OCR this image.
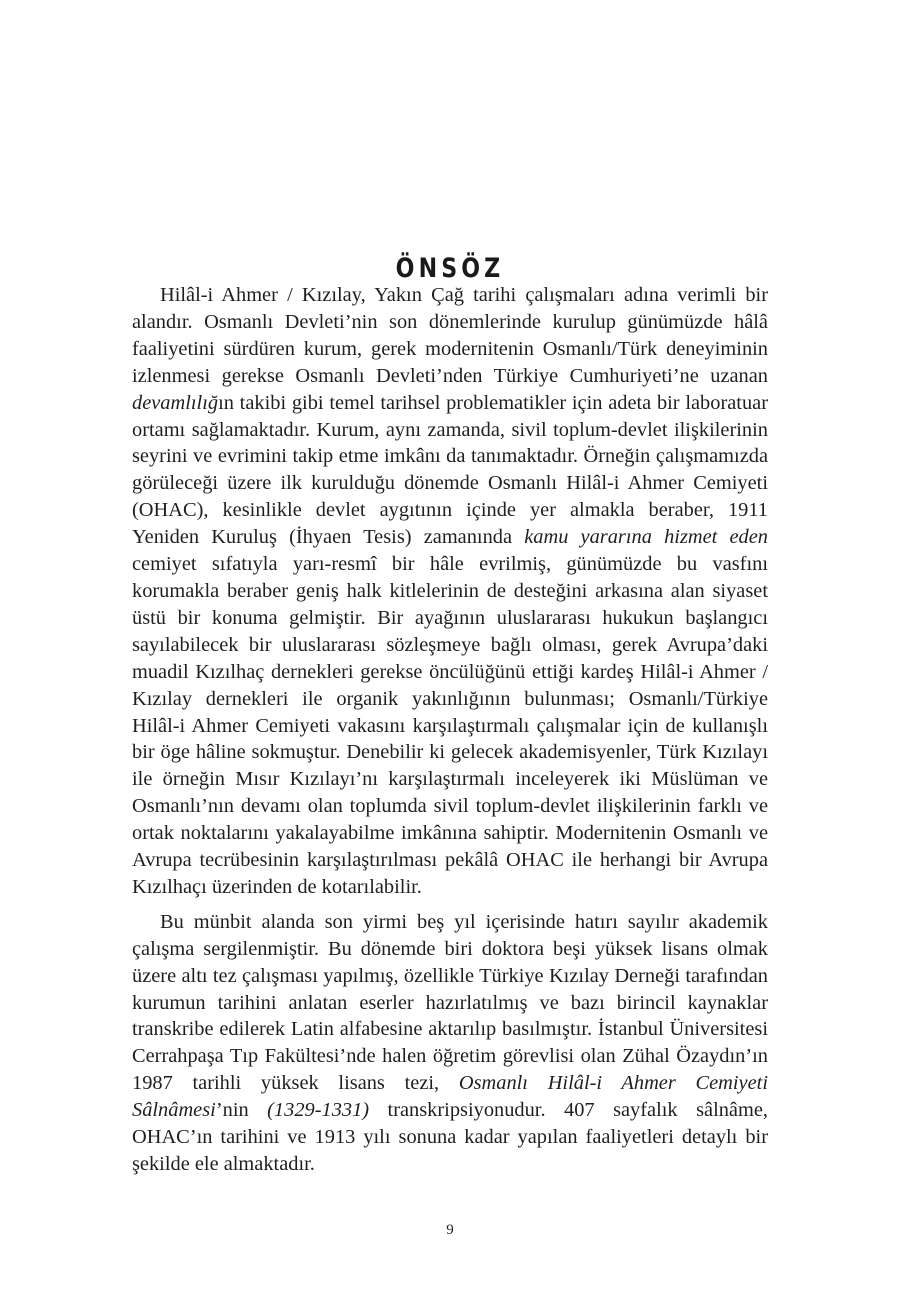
ÖNSÖZ

Hilâl-i Ahmer / Kızılay, Yakın Çağ tarihi çalışmaları adına verimli bir alandır. Osmanlı Devleti’nin son dönemlerinde kurulup günümüzde hâlâ faaliyetini sürdüren kurum, gerek modernitenin Osmanlı/Türk deneyiminin izlenmesi gerekse Osmanlı Devleti’nden Türkiye Cumhuriyeti’ne uzanan devamlılığın takibi gibi temel tarihsel problematikler için adeta bir laboratuar ortamı sağlamaktadır. Kurum, aynı zamanda, sivil toplum-devlet ilişkilerinin seyrini ve evrimini takip etme imkânı da tanımaktadır. Örneğin çalışmamızda görüleceği üzere ilk kurulduğu dönemde Osmanlı Hilâl-i Ahmer Cemiyeti (OHAC), kesinlikle devlet aygıtının içinde yer almakla beraber, 1911 Yeniden Kuruluş (İhyaen Tesis) zamanında kamu yararına hizmet eden cemiyet sıfatıyla yarı-resmî bir hâle evrilmiş, günümüzde bu vasfını korumakla beraber geniş halk kitlelerinin de desteğini arkasına alan siyaset üstü bir konuma gelmiştir. Bir ayağının uluslararası hukukun başlangıcı sayılabilecek bir uluslararası sözleşmeye bağlı olması, gerek Avrupa’daki muadil Kızılhaç dernekleri gerekse öncülüğünü ettiği kardeş Hilâl-i Ahmer / Kızılay dernekleri ile organik yakınlığının bulunması; Osmanlı/Türkiye Hilâl-i Ahmer Cemiyeti vakasını karşılaştırmalı çalışmalar için de kullanışlı bir öge hâline sokmuştur. Denebilir ki gelecek akademisyenler, Türk Kızılayı ile örneğin Mısır Kızılayı’nı karşılaştırmalı inceleyerek iki Müslüman ve Osmanlı’nın devamı olan toplumda sivil toplum-devlet ilişkilerinin farklı ve ortak noktalarını yakalayabilme imkânına sahiptir. Modernitenin Osmanlı ve Avrupa tecrübesinin karşılaştırılması pekâlâ OHAC ile herhangi bir Avrupa Kızılhaçı üzerinden de kotarılabilir.

Bu münbit alanda son yirmi beş yıl içerisinde hatırı sayılır akademik çalışma sergilenmiştir. Bu dönemde biri doktora beşi yüksek lisans olmak üzere altı tez çalışması yapılmış, özellikle Türkiye Kızılay Derneği tarafından kurumun tarihini anlatan eserler hazırlatılmış ve bazı birincil kaynaklar transkribe edilerek Latin alfabesine aktarılıp basılmıştır. İstanbul Üniversitesi Cerrahpaşa Tıp Fakültesi’nde halen öğretim görevlisi olan Zühal Özaydın’ın 1987 tarihli yüksek lisans tezi, Osmanlı Hilâl-i Ahmer Cemiyeti Sâlnâmesi’nin (1329-1331) transkripsiyonudur. 407 sayfalık sâlnâme, OHAC’ın tarihini ve 1913 yılı sonuna kadar yapılan faaliyetleri detaylı bir şekilde ele almaktadır.

9
